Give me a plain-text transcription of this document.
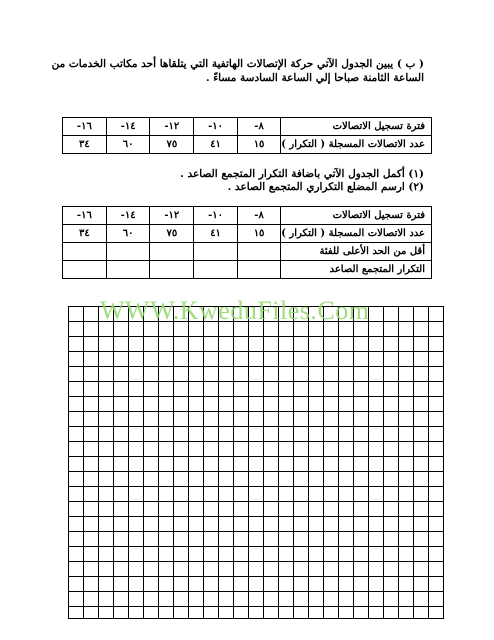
( ب ) يبين الجدول الآتي حركة الإتصالات الهاتفية التي يتلقاها أحد مكاتب الخدمات من
الساعة الثامنة صباحا إلي الساعة السادسة مساءً .
فترة تسجيل الاتصالات	٨-	١٠-	١٢-	١٤-	١٦-
عدد الاتصالات المسجلة ( التكرار )	١٥	٤١	٧٥	٦٠	٣٤
(١) أكمل الجدول الآتي باضافة التكرار المتجمع الصاعد .
(٢) ارسم المضلع التكراري المتجمع الصاعد .
فترة تسجيل الاتصالات	٨-	١٠-	١٢-	١٤-	١٦-
عدد الاتصالات المسجلة ( التكرار )	١٥	٤١	٧٥	٦٠	٣٤
أقل من الحد الأعلى للفئة					
التكرار المتجمع الصاعد					
WWW.KweduFiles.Com
